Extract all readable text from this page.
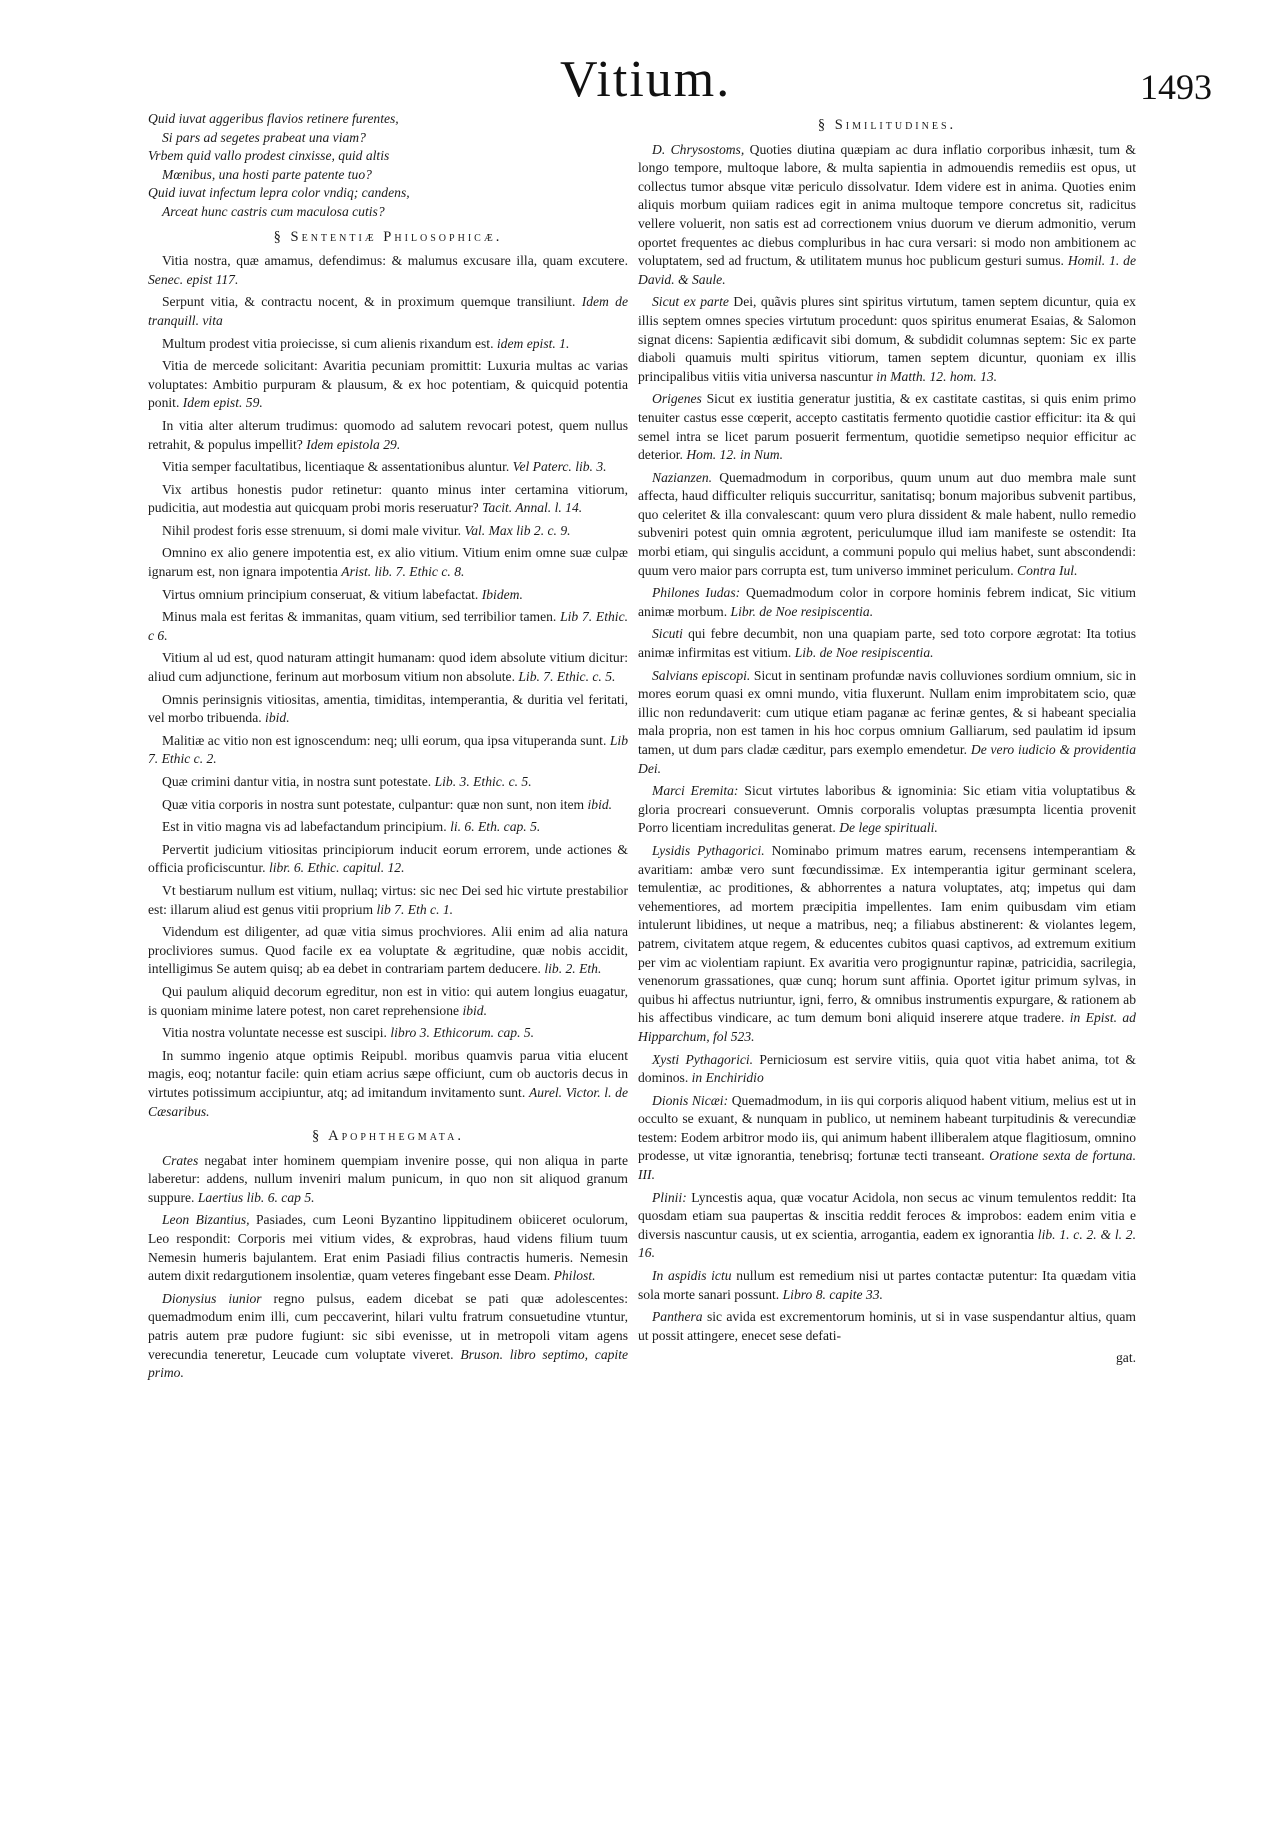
Vitium.	1493
Quid iuvat aggeribus flavios retinere furentes,
Si pars ad segetes prabeat una viam?
Vrbem quid vallo prodest cinxisse, quid altis
Mœnibus, una hosti parte patente tuo?
Quid iuvat infectum lepra color vndiq; candens,
Arceat hunc castris cum maculosa cutis?
§ Sententiæ Philosophicæ.

Vitia nostra, quæ amamus, defendimus: & malumus excusare illa, quam excutere. Senec. epist 117.

Serpunt vitia, & contractu nocent, & in proximum quemque transiliunt. Idem de tranquill. vita

Multum prodest vitia proiecisse, si cum alienis rixandum est. idem epist. 1.

Vitia de mercede solicitant: Avaritia pecuniam promittit: Luxuria multas ac varias voluptates: Ambitio purpuram & plausum, & ex hoc potentiam, & quicquid potentia ponit. Idem epist. 59.

In vitia alter alterum trudimus: quomodo ad salutem revocari potest, quem nullus retrahit, & populus impellit? Idem epistola 29.

Vitia semper facultatibus, licentiaque & assentationibus aluntur. Vel Paterc. lib. 3.

Vix artibus honestis pudor retinetur: quanto minus inter certamina vitiorum, pudicitia, aut modestia aut quicquam probi moris reseruatur? Tacit. Annal. l. 14.

Nihil prodest foris esse strenuum, si domi male vivitur. Val. Max lib 2. c. 9.

Omnino ex alio genere impotentia est, ex alio vitium. Vitium enim omne suæ culpæ ignarum est, non ignara impotentia Arist. lib. 7. Ethic c. 8.

Virtus omnium principium conseruat, & vitium labefactat. Ibidem.

Minus mala est feritas & immanitas, quam vitium, sed terribilior tamen. Lib 7. Ethic. c 6.

Vitium al ud est, quod naturam attingit humanam: quod idem absolute vitium dicitur: aliud cum adjunctione, ferinum aut morbosum vitium non absolute. Lib. 7. Ethic. c. 5.

Omnis perinsignis vitiositas, amentia, timiditas, intemperantia, & duritia vel feritati, vel morbo tribuenda. ibid.

Malitiæ ac vitio non est ignoscendum: neq; ulli eorum, qua ipsa vituperanda sunt. Lib 7. Ethic c. 2.

Quæ crimini dantur vitia, in nostra sunt potestate. Lib. 3. Ethic. c. 5.

Quæ vitia corporis in nostra sunt potestate, culpantur: quæ non sunt, non item ibid.

Est in vitio magna vis ad labefactandum principium. li. 6. Eth. cap. 5.

Pervertit judicium vitiositas principiorum inducit eorum errorem, unde actiones & officia proficiscuntur. libr. 6. Ethic. capitul. 12.

Vt bestiarum nullum est vitium, nullaq; virtus: sic nec Dei sed hic virtute prestabilior est: illarum aliud est genus vitii proprium lib 7. Eth c. 1.

Videndum est diligenter, ad quæ vitia simus prochviores. Alii enim ad alia natura procliviores sumus. Quod facile ex ea voluptate & ægritudine, quæ nobis accidit, intelligimus Se autem quisq; ab ea debet in contrariam partem deducere. lib. 2. Eth.

Qui paulum aliquid decorum egreditur, non est in vitio: qui autem longius euagatur, is quoniam minime latere potest, non caret reprehensione ibid.

Vitia nostra voluntate necesse est suscipi. libro 3. Ethicorum. cap. 5.

In summo ingenio atque optimis Reipubl. moribus quamvis parua vitia elucent magis, eoq; notantur facile: quin etiam acrius sæpe officiunt, cum ob auctoris decus in virtutes potissimum accipiuntur, atq; ad imitandum invitamento sunt. Aurel. Victor. l. de Cæsaribus.

§ Apophthegmata.

Crates negabat inter hominem quempiam invenire posse, qui non aliqua in parte laberetur: addens, nullum inveniri malum punicum, in quo non sit aliquod granum suppure. Laertius lib. 6. cap 5.

Leon Bizantius, Pasiades, cum Leoni Byzantino lippitudinem obiiceret oculorum, Leo respondit: Corporis mei vitium vides, & exprobras, haud videns filium tuum Nemesin humeris bajulantem. Erat enim Pasiadi filius contractis humeris. Nemesin autem dixit redargutionem insolentiæ, quam veteres fingebant esse Deam. Philost.

Dionysius iunior regno pulsus, eadem dicebat se pati quæ adolescentes: quemadmodum enim illi, cum peccaverint, hilari vultu fratrum consuetudine vtuntur, patris autem præ pudore fugiunt: sic sibi evenisse, ut in metropoli vitam agens verecundia teneretur, Leucade cum voluptate viveret. Bruson. libro septimo, capite primo.

§ Similitudines.

D. Chrysostoms, Quoties diutina quæpiam ac dura inflatio corporibus inhæsit, tum & longo tempore, multoque labore, & multa sapientia in admouendis remediis est opus, ut collectus tumor absque vitæ periculo dissolvatur. Idem videre est in anima. Quoties enim aliquis morbum quiiam radices egit in anima multoque tempore concretus sit, radicitus vellere voluerit, non satis est ad correctionem vnius duorum ve dierum admonitio, verum oportet frequentes ac diebus compluribus in hac cura versari: si modo non ambitionem ac voluptatem, sed ad fructum, & utilitatem munus hoc publicum gesturi sumus. Homil. 1. de David. & Saule.

Sicut ex parte Dei, quãvis plures sint spiritus virtutum, tamen septem dicuntur, quia ex illis septem omnes species virtutum procedunt: quos spiritus enumerat Esaias, & Salomon signat dicens: Sapientia ædificavit sibi domum, & subdidit columnas septem: Sic ex parte diaboli quamuis multi spiritus vitiorum, tamen septem dicuntur, quoniam ex illis principalibus vitiis vitia universa nascuntur in Matth. 12. hom. 13.

Origenes Sicut ex iustitia generatur justitia, & ex castitate castitas, si quis enim primo tenuiter castus esse cœperit, accepto castitatis fermento quotidie castior efficitur: ita & qui semel intra se licet parum posuerit fermentum, quotidie semetipso nequior efficitur ac deterior. Hom. 12. in Num.

Nazianzen. Quemadmodum in corporibus, quum unum aut duo membra male sunt affecta, haud difficulter reliquis succurritur, sanitatisq; bonum majoribus subvenit partibus, quo celeritet & illa convalescant: quum vero plura dissident & male habent, nullo remedio subveniri potest quin omnia ægrotent, periculumque illud iam manifeste se ostendit: Ita morbi etiam, qui singulis accidunt, a communi populo qui melius habet, sunt abscondendi: quum vero maior pars corrupta est, tum universo imminet periculum. Contra Iul.

Philones Iudas: Quemadmodum color in corpore hominis febrem indicat, Sic vitium animæ morbum. Libr. de Noe resipiscentia.

Sicuti qui febre decumbit, non una quapiam parte, sed toto corpore ægrotat: Ita totius animæ infirmitas est vitium. Lib. de Noe resipiscentia.

Salvians episcopi. Sicut in sentinam profundæ navis colluviones sordium omnium, sic in mores eorum quasi ex omni mundo, vitia fluxerunt. Nullam enim improbitatem scio, quæ illic non redundaverit: cum utique etiam paganæ ac ferinæ gentes, & si habeant specialia mala propria, non est tamen in his hoc corpus omnium Galliarum, sed paulatim id ipsum tamen, ut dum pars cladæ cæditur, pars exemplo emendetur. De vero iudicio & providentia Dei.

Marci Eremita: Sicut virtutes laboribus & ignominia: Sic etiam vitia voluptatibus & gloria procreari consueverunt. Omnis corporalis voluptas præsumpta licentia provenit Porro licentiam incredulitas generat. De lege spirituali.

Lysidis Pythagorici. Nominabo primum matres earum, recensens intemperantiam & avaritiam: ambæ vero sunt fœcundissimæ. Ex intemperantia igitur germinant scelera, temulentiæ, ac proditiones, & abhorrentes a natura voluptates, atq; impetus qui dam vehementiores, ad mortem præcipitia impellentes. Iam enim quibusdam vim etiam intulerunt libidines, ut neque a matribus, neq; a filiabus abstinerent: & violantes legem, patrem, civitatem atque regem, & educentes cubitos quasi captivos, ad extremum exitium per vim ac violentiam rapiunt. Ex avaritia vero progignuntur rapinæ, patricidia, sacrilegia, venenorum grassationes, quæ cunq; horum sunt affinia. Oportet igitur primum sylvas, in quibus hi affectus nutriuntur, igni, ferro, & omnibus instrumentis expurgare, & rationem ab his affectibus vindicare, ac tum demum boni aliquid inserere atque tradere. in Epist. ad Hipparchum, fol 523.

Xysti Pythagorici. Perniciosum est servire vitiis, quia quot vitia habet anima, tot & dominos. in Enchiridio

Dionis Nicæi: Quemadmodum, in iis qui corporis aliquod habent vitium, melius est ut in occulto se exuant, & nunquam in publico, ut neminem habeant turpitudinis & verecundiæ testem: Eodem arbitror modo iis, qui animum habent illiberalem atque flagitiosum, omnino prodesse, ut vitæ ignorantia, tenebrisq; fortunæ tecti transeant. Oratione sexta de fortuna. III.

Plinii: Lyncestis aqua, quæ vocatur Acidola, non secus ac vinum temulentos reddit: Ita quosdam etiam sua paupertas & inscitia reddit feroces & improbos: eadem enim vitia e diversis nascuntur causis, ut ex scientia, arrogantia, eadem ex ignorantia lib. 1. c. 2. & l. 2. 16.

In aspidis ictu nullum est remedium nisi ut partes contactæ putentur: Ita quædam vitia sola morte sanari possunt. Libro 8. capite 33.

Panthera sic avida est excrementorum hominis, ut si in vase suspendantur altius, quam ut possit attingere, enecet sese defati-

gat.
